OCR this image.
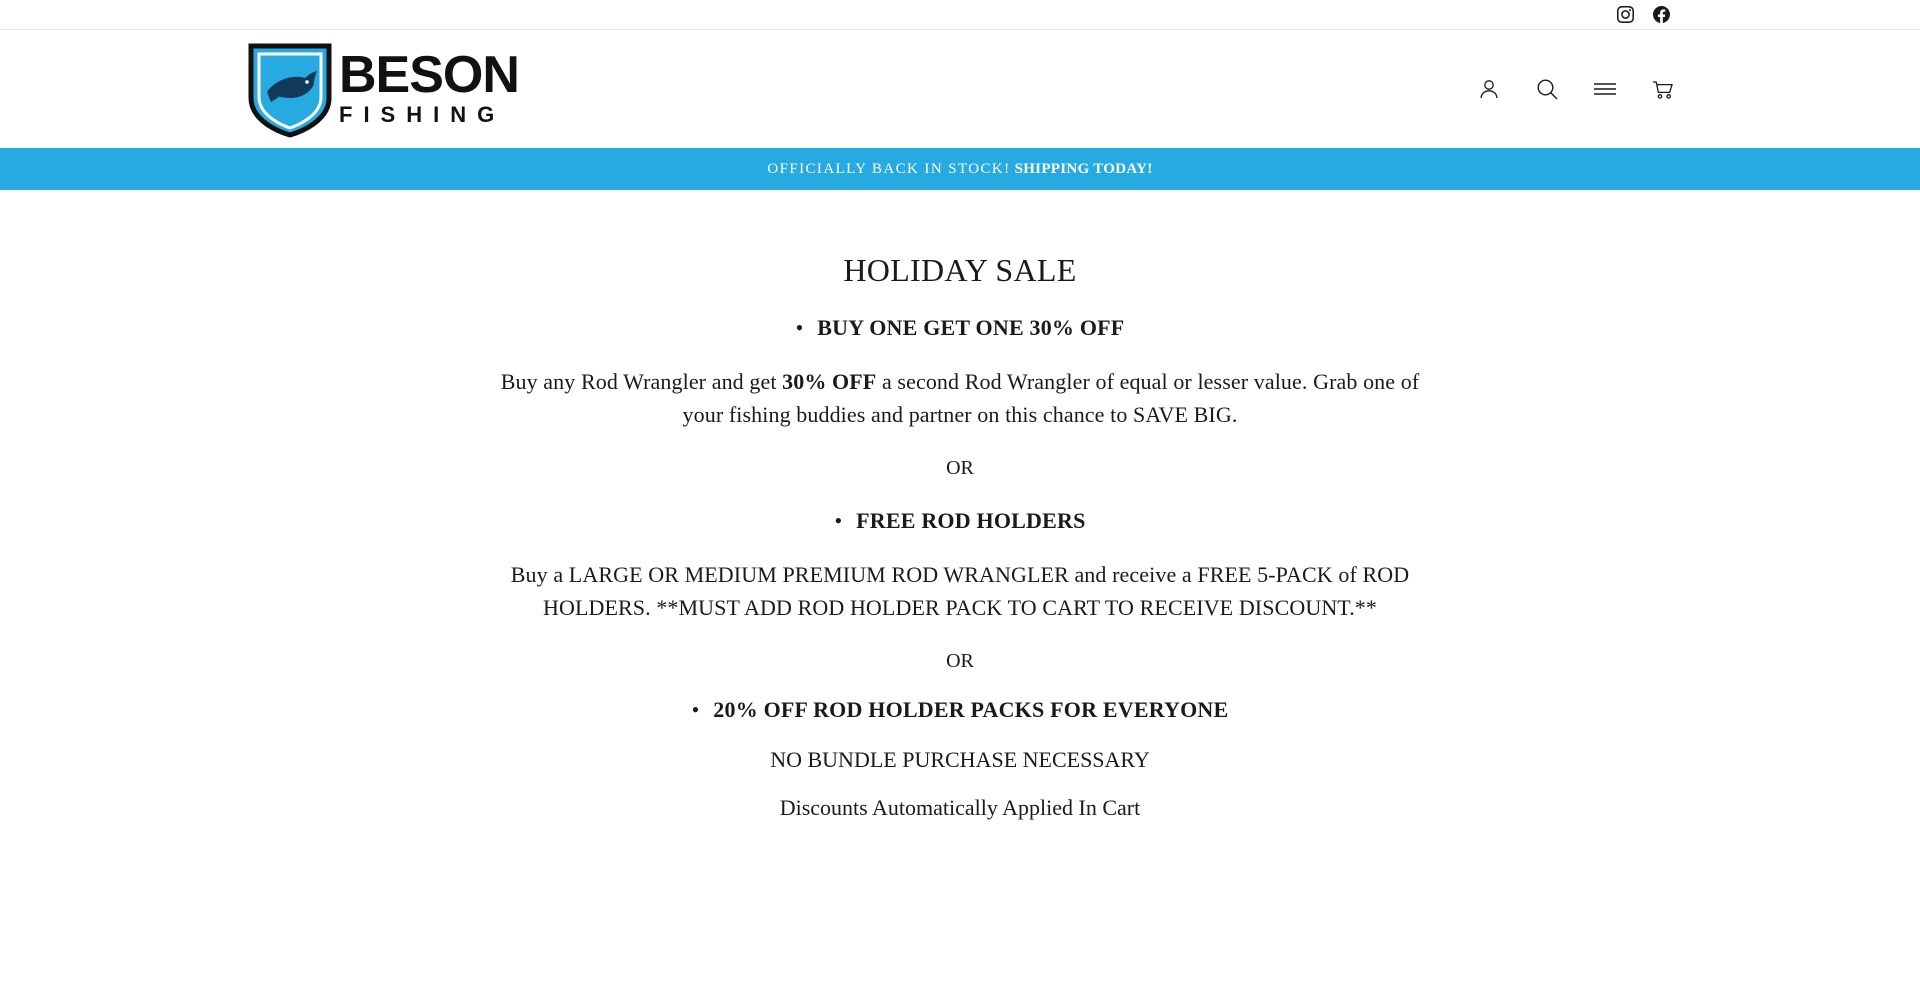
BESON
FISHING
OFFICIALLY BACK IN STOCK! SHIPPING TODAY!
HOLIDAY SALE
• BUY ONE GET ONE 30% OFF

Buy any Rod Wrangler and get 30% OFF a second Rod Wrangler of equal or lesser value. Grab one of your fishing buddies and partner on this chance to SAVE BIG.

OR

• FREE ROD HOLDERS

Buy a LARGE OR MEDIUM PREMIUM ROD WRANGLER and receive a FREE 5-PACK of ROD HOLDERS. **MUST ADD ROD HOLDER PACK TO CART TO RECEIVE DISCOUNT.**

OR

• 20% OFF ROD HOLDER PACKS FOR EVERYONE

NO BUNDLE PURCHASE NECESSARY

Discounts Automatically Applied In Cart
